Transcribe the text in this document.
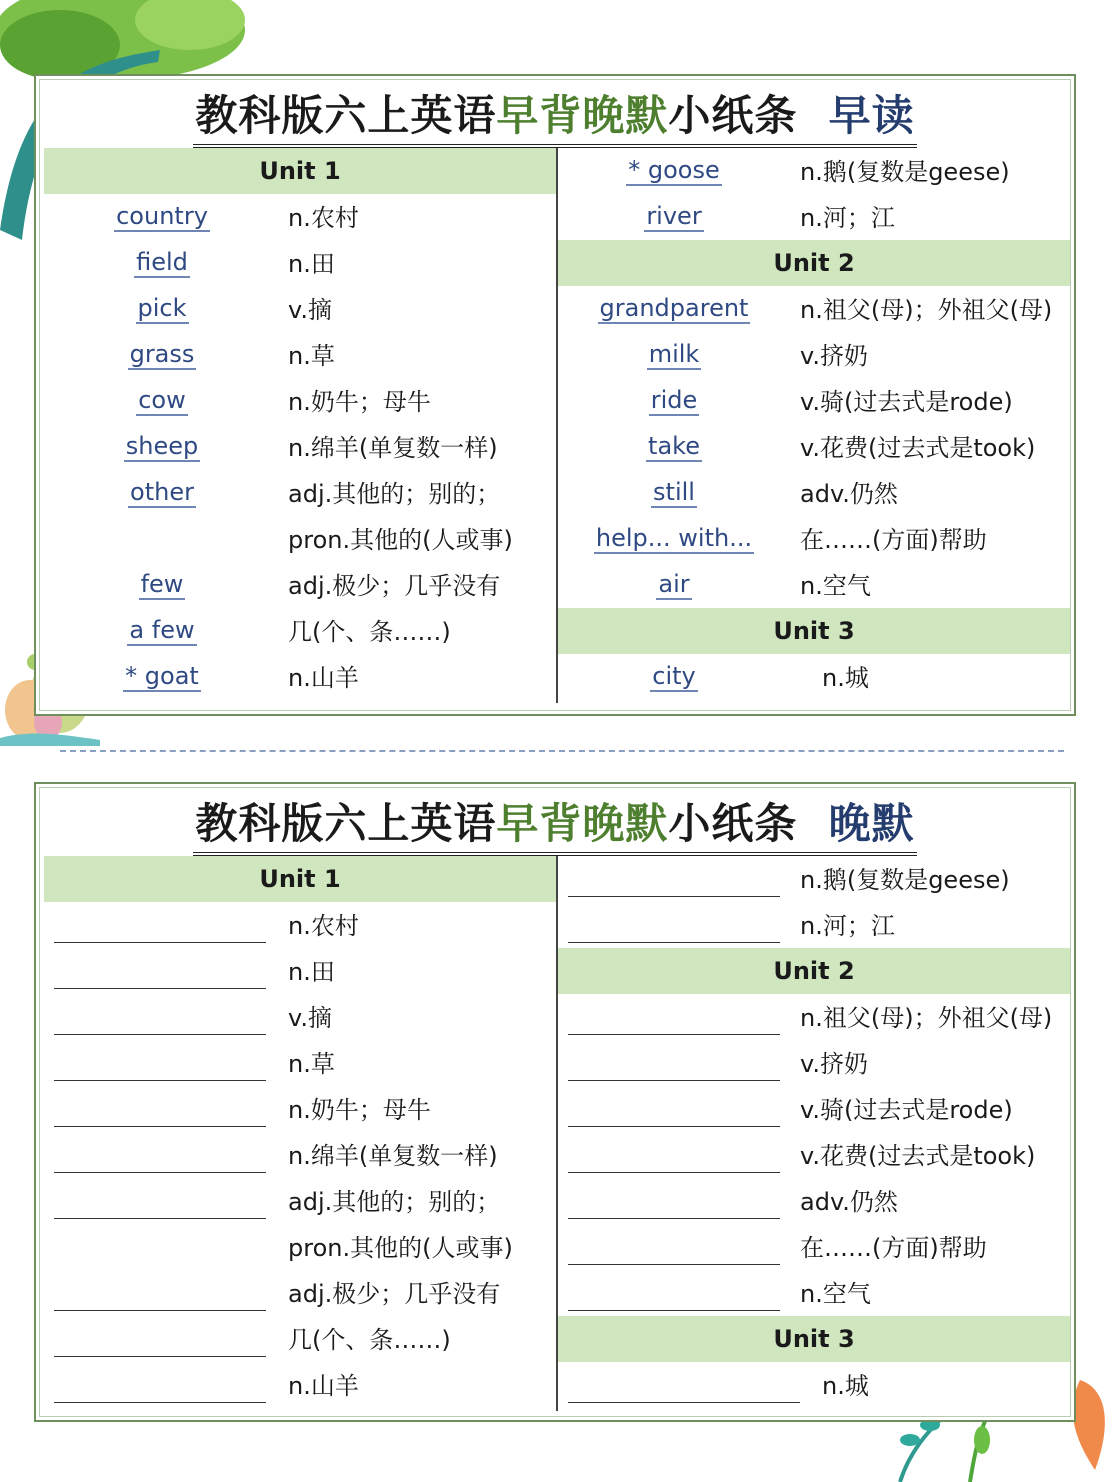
教科版六上英语早背晚默小纸条 早读
Unit 1
country	n.农村
field	n.田
pick	v.摘
grass	n.草
cow	n.奶牛；母牛
sheep	n.绵羊(单复数一样)
other	adj.其他的；别的；
pron.其他的(人或事)
few	adj.极少；几乎没有
a few	几(个、条……)
* goat	n.山羊
* goose	n.鹅(复数是geese)
river	n.河；江
Unit 2
grandparent	n.祖父(母)；外祖父(母)
milk	v.挤奶
ride	v.骑(过去式是rode)
take	v.花费(过去式是took)
still	adv.仍然
help... with...	在……(方面)帮助
air	n.空气
Unit 3
city	n.城
教科版六上英语早背晚默小纸条 晚默
Unit 1
n.农村
n.田
v.摘
n.草
n.奶牛；母牛
n.绵羊(单复数一样)
adj.其他的；别的；
pron.其他的(人或事)
adj.极少；几乎没有
几(个、条……)
n.山羊
n.鹅(复数是geese)
n.河；江
Unit 2
n.祖父(母)；外祖父(母)
v.挤奶
v.骑(过去式是rode)
v.花费(过去式是took)
adv.仍然
在……(方面)帮助
n.空气
Unit 3
n.城
